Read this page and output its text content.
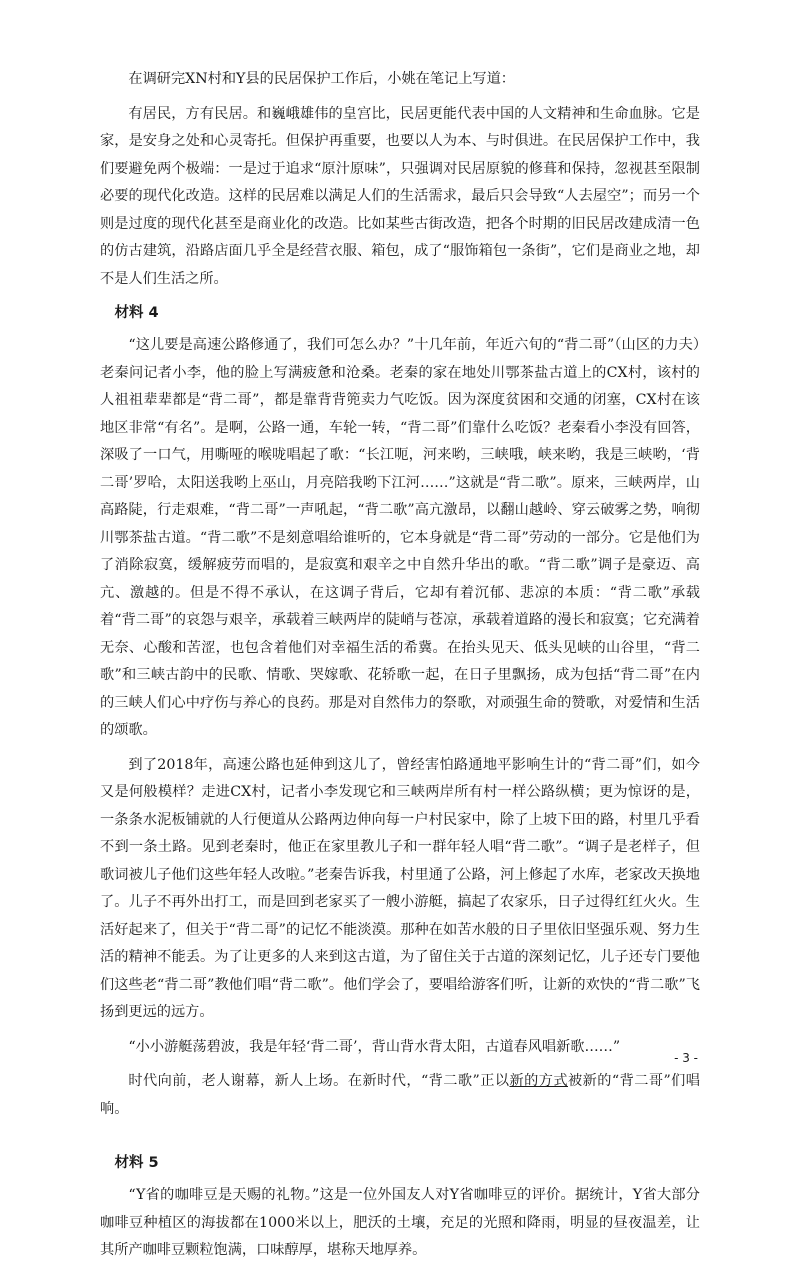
在调研完XN村和Y县的民居保护工作后，小姚在笔记上写道：

有居民，方有民居。和巍峨雄伟的皇宫比，民居更能代表中国的人文精神和生命血脉。它是家，是安身之处和心灵寄托。但保护再重要，也要以人为本、与时俱进。在民居保护工作中，我们要避免两个极端：一是过于追求“原汁原味”，只强调对民居原貌的修葺和保持，忽视甚至限制必要的现代化改造。这样的民居难以满足人们的生活需求，最后只会导致“人去屋空”；而另一个则是过度的现代化甚至是商业化的改造。比如某些古街改造，把各个时期的旧民居改建成清一色的仿古建筑，沿路店面几乎全是经营衣服、箱包，成了“服饰箱包一条街”，它们是商业之地，却不是人们生活之所。

材料 4

“这儿要是高速公路修通了，我们可怎么办？”十几年前，年近六旬的“背二哥”（山区的力夫）老秦问记者小李，他的脸上写满疲惫和沧桑。老秦的家在地处川鄂茶盐古道上的CX村，该村的人祖祖辈辈都是“背二哥”，都是靠背背篼卖力气吃饭。因为深度贫困和交通的闭塞，CX村在该地区非常“有名”。是啊，公路一通，车轮一转，“背二哥”们靠什么吃饭？老秦看小李没有回答，深吸了一口气，用嘶哑的喉咙唱起了歌：“长江呃，河来哟，三峡哦，峡来哟，我是三峡哟，‘背二哥’罗哈，太阳送我哟上巫山，月亮陪我哟下江河……”这就是“背二歌”。原来，三峡两岸，山高路陡，行走艰难，“背二哥”一声吼起，“背二歌”高亢激昂，以翻山越岭、穿云破雾之势，响彻川鄂茶盐古道。“背二歌”不是刻意唱给谁听的，它本身就是“背二哥”劳动的一部分。它是他们为了消除寂寞，缓解疲劳而唱的，是寂寞和艰辛之中自然升华出的歌。“背二歌”调子是豪迈、高亢、激越的。但是不得不承认，在这调子背后，它却有着沉郁、悲凉的本质：“背二歌”承载着“背二哥”的哀怨与艰辛，承载着三峡两岸的陡峭与苍凉，承载着道路的漫长和寂寞；它充满着无奈、心酸和苦涩，也包含着他们对幸福生活的希冀。在抬头见天、低头见峡的山谷里，“背二歌”和三峡古韵中的民歌、情歌、哭嫁歌、花轿歌一起，在日子里飘扬，成为包括“背二哥”在内的三峡人们心中疗伤与养心的良药。那是对自然伟力的祭歌，对顽强生命的赞歌，对爱情和生活的颂歌。

到了2018年，高速公路也延伸到这儿了，曾经害怕路通地平影响生计的“背二哥”们，如今又是何般模样？走进CX村，记者小李发现它和三峡两岸所有村一样公路纵横；更为惊讶的是，一条条水泥板铺就的人行便道从公路两边伸向每一户村民家中，除了上坡下田的路，村里几乎看不到一条土路。见到老秦时，他正在家里教儿子和一群年轻人唱“背二歌”。“调子是老样子，但歌词被儿子他们这些年轻人改啦。”老秦告诉我，村里通了公路，河上修起了水库，老家改天换地了。儿子不再外出打工，而是回到老家买了一艘小游艇，搞起了农家乐，日子过得红红火火。生活好起来了，但关于“背二哥”的记忆不能淡漠。那种在如苦水般的日子里依旧坚强乐观、努力生活的精神不能丢。为了让更多的人来到这古道，为了留住关于古道的深刻记忆，儿子还专门要他们这些老“背二哥”教他们唱“背二歌”。他们学会了，要唱给游客们听，让新的欢快的“背二歌”飞扬到更远的远方。

“小小游艇荡碧波，我是年轻‘背二哥’，背山背水背太阳，古道春风唱新歌……”

时代向前，老人谢幕，新人上场。在新时代，“背二歌”正以新的方式被新的“背二哥”们唱响。

材料 5

“Y省的咖啡豆是天赐的礼物。”这是一位外国友人对Y省咖啡豆的评价。据统计，Y省大部分咖啡豆种植区的海拔都在1000米以上，肥沃的土壤，充足的光照和降雨，明显的昼夜温差，让其所产咖啡豆颗粒饱满，口味醇厚，堪称天地厚养。

- 3 -
